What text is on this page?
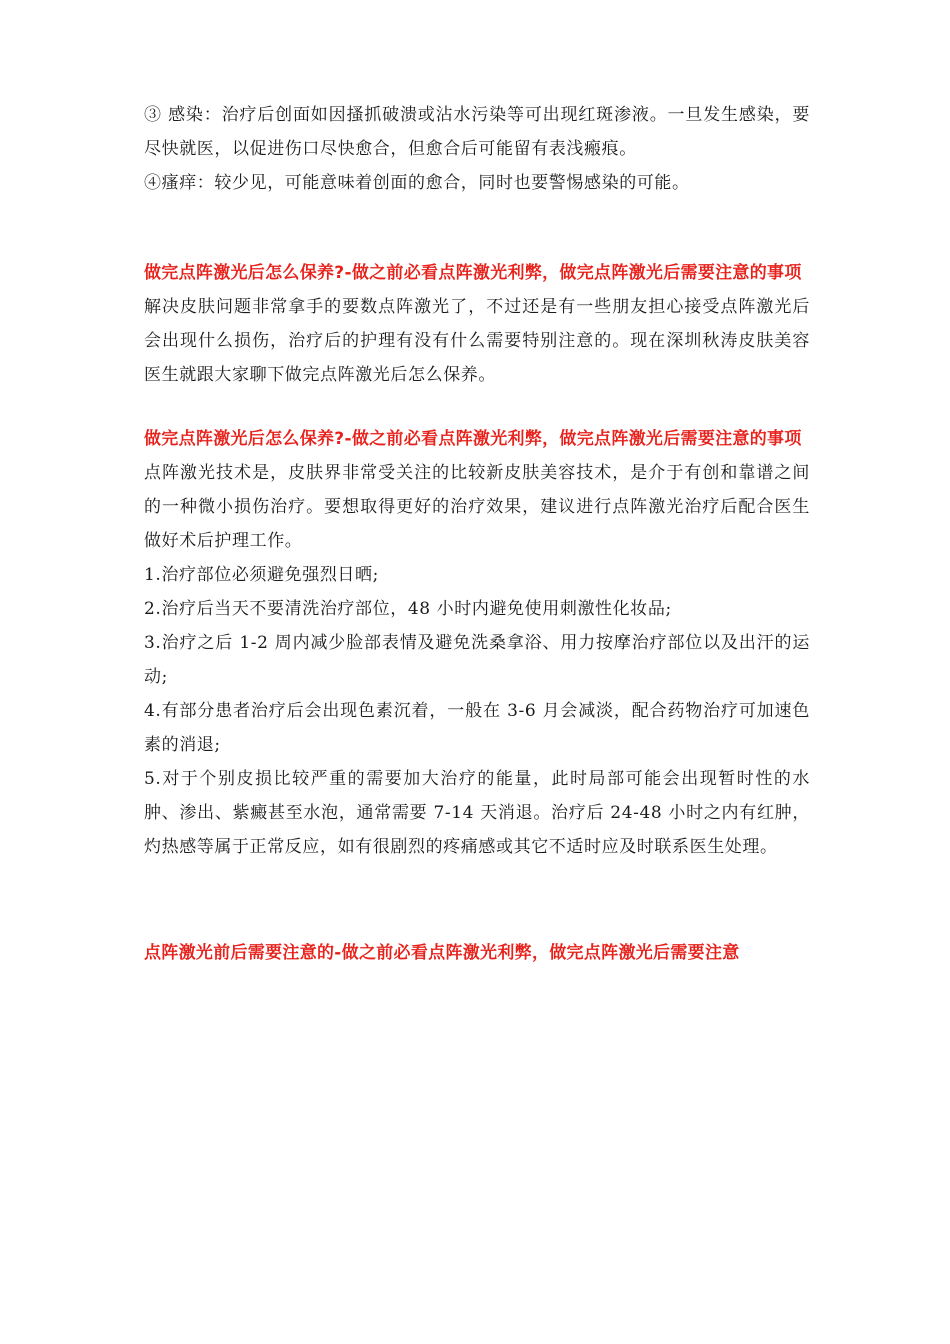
③ 感染：治疗后创面如因搔抓破溃或沾水污染等可出现红斑渗液。一旦发生感染，要尽快就医，以促进伤口尽快愈合，但愈合后可能留有表浅瘢痕。

④瘙痒：较少见，可能意味着创面的愈合，同时也要警惕感染的可能。

做完点阵激光后怎么保养?-做之前必看点阵激光利弊，做完点阵激光后需要注意的事项

解决皮肤问题非常拿手的要数点阵激光了，不过还是有一些朋友担心接受点阵激光后会出现什么损伤，治疗后的护理有没有什么需要特别注意的。现在深圳秋涛皮肤美容医生就跟大家聊下做完点阵激光后怎么保养。

做完点阵激光后怎么保养?-做之前必看点阵激光利弊，做完点阵激光后需要注意的事项

点阵激光技术是，皮肤界非常受关注的比较新皮肤美容技术，是介于有创和靠谱之间的一种微小损伤治疗。要想取得更好的治疗效果，建议进行点阵激光治疗后配合医生做好术后护理工作。

1.治疗部位必须避免强烈日晒;

2.治疗后当天不要清洗治疗部位，48 小时内避免使用刺激性化妆品;

3.治疗之后 1-2 周内减少脸部表情及避免洗桑拿浴、用力按摩治疗部位以及出汗的运动;

4.有部分患者治疗后会出现色素沉着，一般在 3-6 月会减淡，配合药物治疗可加速色素的消退;

5.对于个别皮损比较严重的需要加大治疗的能量，此时局部可能会出现暂时性的水肿、渗出、紫癜甚至水泡，通常需要 7-14 天消退。治疗后 24-48 小时之内有红肿，灼热感等属于正常反应，如有很剧烈的疼痛感或其它不适时应及时联系医生处理。

点阵激光前后需要注意的-做之前必看点阵激光利弊，做完点阵激光后需要注意
